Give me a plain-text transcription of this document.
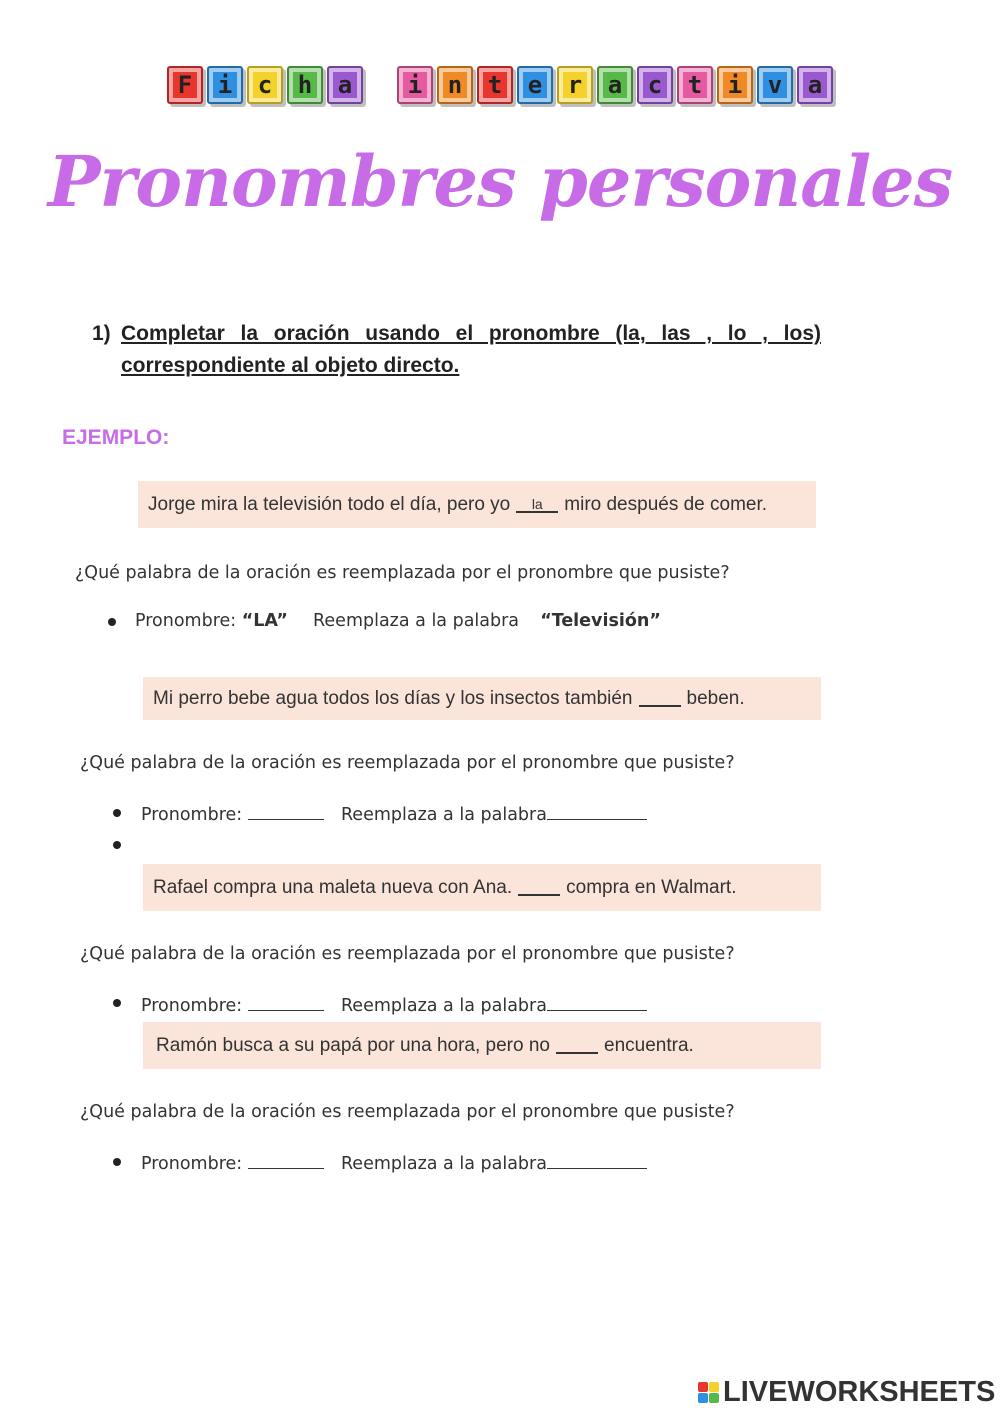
F	i	c	h	a	i	n	t	e	r	a	c	t	i	v	a
Pronombres personales
1) Completar la oración usando el pronombre (la, las , lo , los) correspondiente al objeto directo.
EJEMPLO:
Jorge mira la televisión todo el día, pero yo	la	miro después de comer.
¿Qué palabra de la oración es reemplazada por el pronombre que pusiste?
Pronombre: “LA” Reemplaza a la palabra “Televisión”
Mi perro bebe agua todos los días y los insectos también	beben.
¿Qué palabra de la oración es reemplazada por el pronombre que pusiste?
Pronombre:	Reemplaza a la palabra
Rafael compra una maleta nueva con Ana.	compra en Walmart.
¿Qué palabra de la oración es reemplazada por el pronombre que pusiste?
Pronombre:	Reemplaza a la palabra
Ramón busca a su papá por una hora, pero no	encuentra.
¿Qué palabra de la oración es reemplazada por el pronombre que pusiste?
Pronombre:	Reemplaza a la palabra
LIVEWORKSHEETS
